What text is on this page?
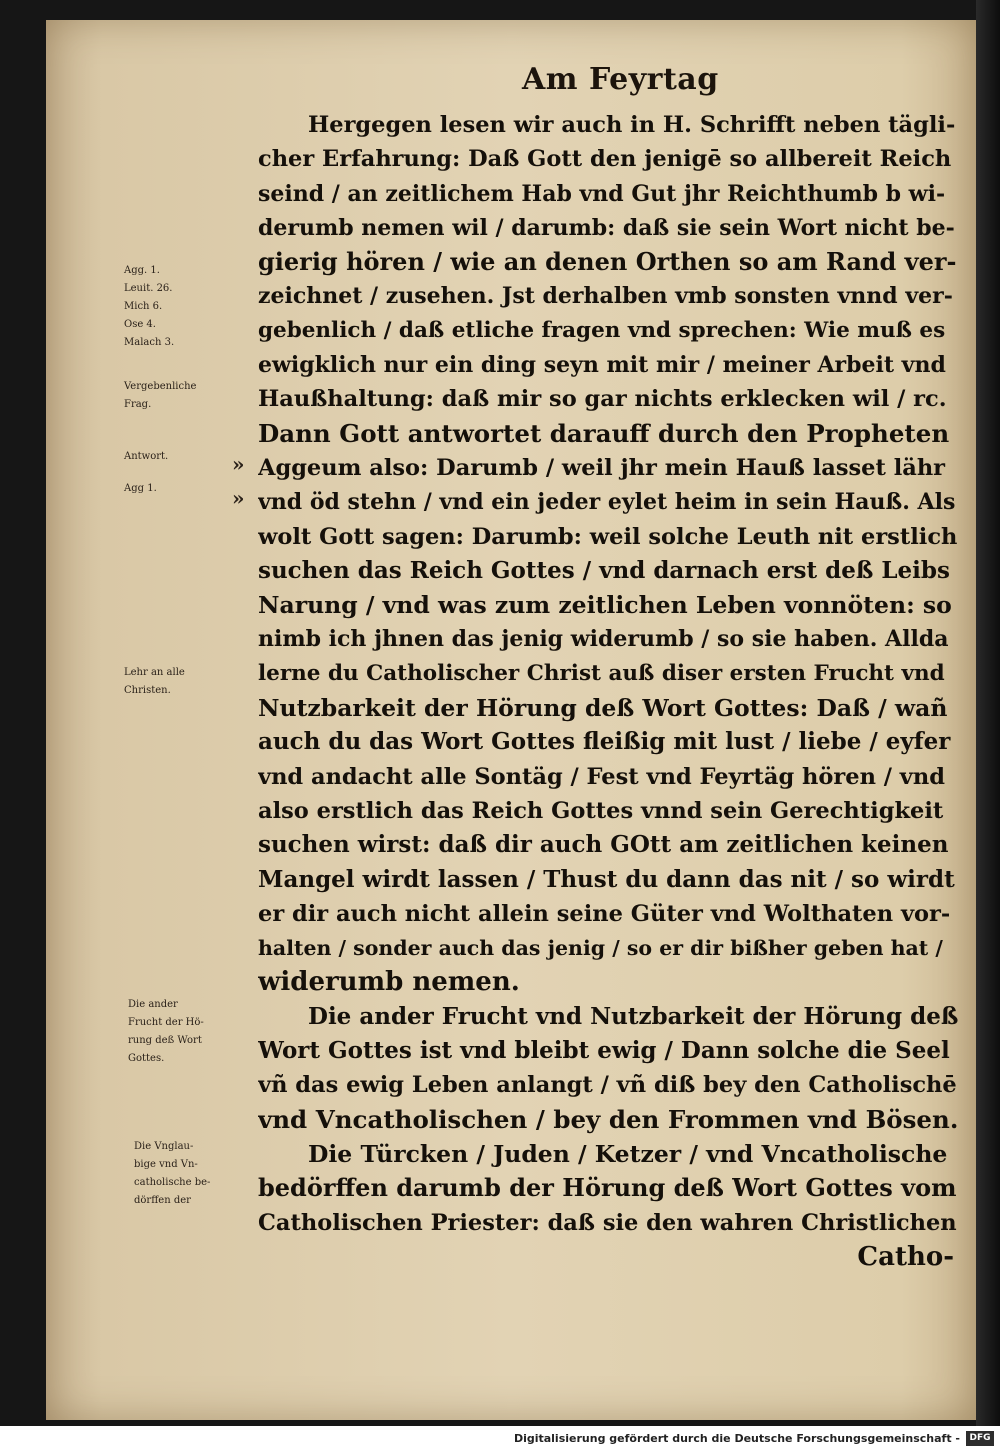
Am Feyrtag
Hergegen lesen wir auch in H. Schrifft neben tägli-
cher Erfahrung: Daß Gott den jenigē so allbereit Reich
seind / an zeitlichem Hab vnd Gut jhr Reichthumb b wi-
derumb nemen wil / darumb: daß sie sein Wort nicht be-
gierig hören / wie an denen Orthen so am Rand ver-
zeichnet / zusehen. Jst derhalben vmb sonsten vnnd ver-
gebenlich / daß etliche fragen vnd sprechen: Wie muß es
ewigklich nur ein ding seyn mit mir / meiner Arbeit vnd
Haußhaltung: daß mir so gar nichts erklecken wil / rc.
Dann Gott antwortet darauff durch den Propheten
Aggeum also: Darumb / weil jhr mein Hauß lasset lähr
vnd öd stehn / vnd ein jeder eylet heim in sein Hauß. Als
wolt Gott sagen: Darumb: weil solche Leuth nit erstlich
suchen das Reich Gottes / vnd darnach erst deß Leibs
Narung / vnd was zum zeitlichen Leben vonnöten: so
nimb ich jhnen das jenig widerumb / so sie haben. Allda
lerne du Catholischer Christ auß diser ersten Frucht vnd
Nutzbarkeit der Hörung deß Wort Gottes: Daß / wañ
auch du das Wort Gottes fleißig mit lust / liebe / eyfer
vnd andacht alle Sontäg / Fest vnd Feyrtäg hören / vnd
also erstlich das Reich Gottes vnnd sein Gerechtigkeit
suchen wirst: daß dir auch GOtt am zeitlichen keinen
Mangel wirdt lassen / Thust du dann das nit / so wirdt
er dir auch nicht allein seine Güter vnd Wolthaten vor-
halten / sonder auch das jenig / so er dir bißher geben hat /
widerumb nemen.
Die ander Frucht vnd Nutzbarkeit der Hörung deß
Wort Gottes ist vnd bleibt ewig / Dann solche die Seel
vñ das ewig Leben anlangt / vñ diß bey den Catholischē
vnd Vncatholischen / bey den Frommen vnd Bösen.
Die Türcken / Juden / Ketzer / vnd Vncatholische
bedörffen darumb der Hörung deß Wort Gottes vom
Catholischen Priester: daß sie den wahren Christlichen
Catho-
Agg. 1.
Leuit. 26.
Mich 6.
Ose 4.
Malach 3.
Vergebenliche
Frag.
Antwort.
Agg 1.
»
»
Lehr an alle
Christen.
Die ander
Frucht der Hö-
rung deß Wort
Gottes.
Die Vnglau-
bige vnd Vn-
catholische be-
dörffen der
Digitalisierung gefördert durch die Deutsche Forschungsgemeinschaft -	DFG
